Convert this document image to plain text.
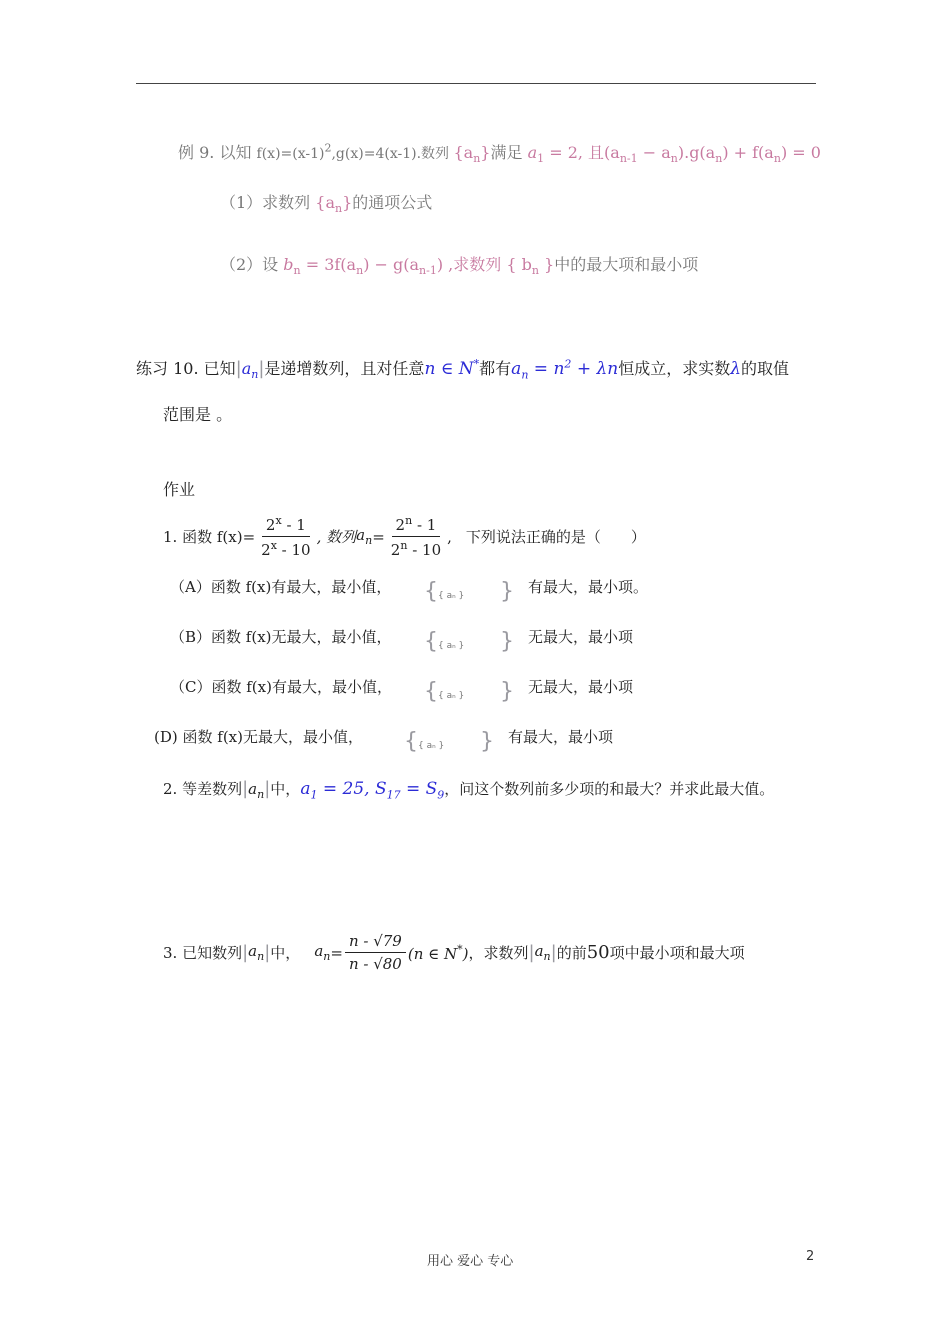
例 9. 以知 $f(x)=(x-1)^2,g(x)=4(x-1)$.数列 $\{a_n\}$满足 $a_1 = 2$, 且$(a_{n-1} - a_n).g(a_n) + f(a_n) = 0$
（1）求数列 $\{a_n\}$的通项公式
（2）设 $b_n = 3f(a_n) - g(a_{n-1})$ ,求数列 { $b_n$ }中的最大项和最小项
练习 10. 已知$|a_n|$是递增数列，且对任意n ∈ N*都有$a_n = n^2 + \lambda n$恒成立，求实数λ的取值
范围是 。
作业
1. 函数 $f(x)= \frac{2^x - 1}{2^x - 10}$ , 数列 $a_n = \frac{2^n - 1}{2^n - 10}$ , 下列说法正确的是（　　）
（A）函数 f(x)有最大，最小值， {{ aₙ } } 有最大，最小项。
（B）函数 f(x)无最大，最小值， {{ aₙ } } 无最大，最小项
（C）函数 f(x)有最大，最小值， {{ aₙ } } 无最大，最小项
(D) 函数 f(x)无最大，最小值， {{ aₙ } } 有最大，最小项
2. 等差数列$|a_n|$中，$a_1 = 25$, $S_{17} = S_9$，问这个数列前多少项的和最大？并求此最大值。
3. 已知数列 | $a_n$ | 中， $a_n = \frac{n - √79}{n - √80} (n$ ∈ N*) ，求数列 | $a_n$ | 的前 50 项中最小项和最大项
用心 爱心 专心	2
